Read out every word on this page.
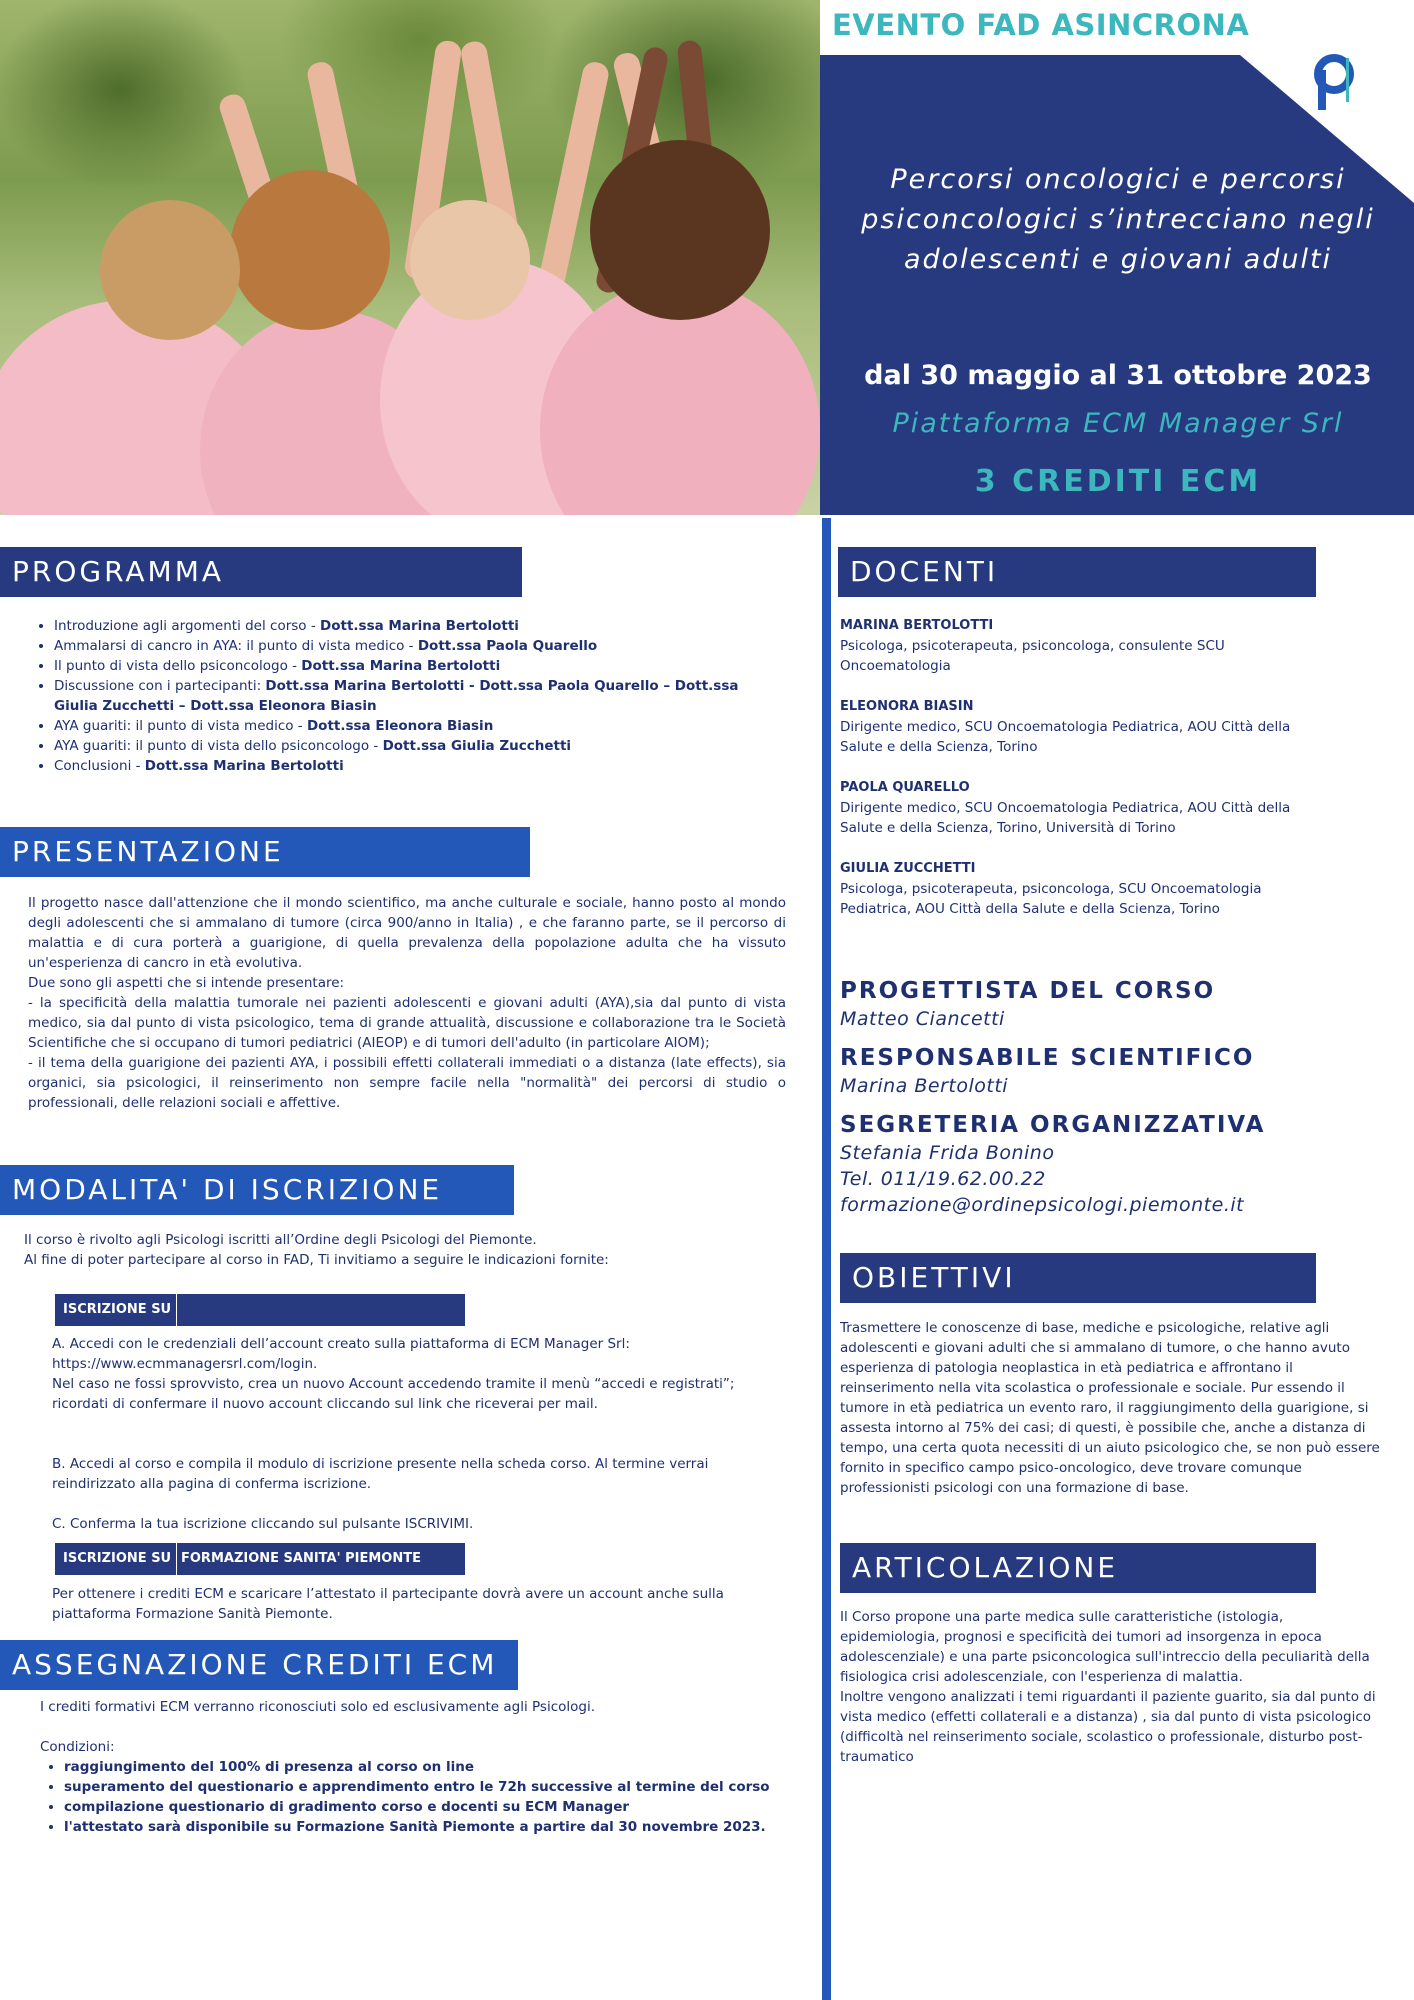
EVENTO FAD ASINCRONA
Percorsi oncologici e percorsi psiconcologici s’intrecciano negli adolescenti e giovani adulti
dal 30 maggio al 31 ottobre 2023
Piattaforma ECM Manager Srl
3 CREDITI ECM
PROGRAMMA
• Introduzione agli argomenti del corso - Dott.ssa Marina Bertolotti
• Ammalarsi di cancro in AYA: il punto di vista medico - Dott.ssa Paola Quarello
• Il punto di vista dello psiconcologo - Dott.ssa Marina Bertolotti
• Discussione con i partecipanti: Dott.ssa Marina Bertolotti - Dott.ssa Paola Quarello – Dott.ssa Giulia Zucchetti – Dott.ssa Eleonora Biasin
• AYA guariti: il punto di vista medico - Dott.ssa Eleonora Biasin
• AYA guariti: il punto di vista dello psiconcologo - Dott.ssa Giulia Zucchetti
• Conclusioni - Dott.ssa Marina Bertolotti
PRESENTAZIONE

Il progetto nasce dall'attenzione che il mondo scientifico, ma anche culturale e sociale, hanno posto al mondo degli adolescenti che si ammalano di tumore (circa 900/anno in Italia) , e che faranno parte, se il percorso di malattia e di cura porterà a guarigione, di quella prevalenza della popolazione adulta che ha vissuto un'esperienza di cancro in età evolutiva.

Due sono gli aspetti che si intende presentare:

- la specificità della malattia tumorale nei pazienti adolescenti e giovani adulti (AYA),sia dal punto di vista medico, sia dal punto di vista psicologico, tema di grande attualità, discussione e collaborazione tra le Società Scientifiche che si occupano di tumori pediatrici (AIEOP) e di tumori dell'adulto (in particolare AIOM);

- il tema della guarigione dei pazienti AYA, i possibili effetti collaterali immediati o a distanza (late effects), sia organici, sia psicologici, il reinserimento non sempre facile nella "normalità" dei percorsi di studio o professionali, delle relazioni sociali e affettive.

MODALITA' DI ISCRIZIONE

Il corso è rivolto agli Psicologi iscritti all’Ordine degli Psicologi del Piemonte.

Al fine di poter partecipare al corso in FAD, Ti invitiamo a seguire le indicazioni fornite:

ISCRIZIONE SU

A. Accedi con le credenziali dell’account creato sulla piattaforma di ECM Manager Srl:

https://www.ecmmanagersrl.com/login.

Nel caso ne fossi sprovvisto, crea un nuovo Account accedendo tramite il menù “accedi e registrati”;

ricordati di confermare il nuovo account cliccando sul link che riceverai per mail.

B. Accedi al corso e compila il modulo di iscrizione presente nella scheda corso. Al termine verrai reindirizzato alla pagina di conferma iscrizione.
C. Conferma la tua iscrizione cliccando sul pulsante ISCRIVIMI.
ISCRIZIONE SU FORMAZIONE SANITA' PIEMONTE
Per ottenere i crediti ECM e scaricare l’attestato il partecipante dovrà avere un account anche sulla piattaforma Formazione Sanità Piemonte.
ASSEGNAZIONE CREDITI ECM
I crediti formativi ECM verranno riconosciuti solo ed esclusivamente agli Psicologi.
Condizioni:
• raggiungimento del 100% di presenza al corso on line
• superamento del questionario e apprendimento entro le 72h successive al termine del corso
• compilazione questionario di gradimento corso e docenti su ECM Manager
• l'attestato sarà disponibile su Formazione Sanità Piemonte a partire dal 30 novembre 2023.
DOCENTI
MARINA BERTOLOTTI
Psicologa, psicoterapeuta, psiconcologa, consulente SCU Oncoematologia
ELEONORA BIASIN
Dirigente medico, SCU Oncoematologia Pediatrica, AOU Città della Salute e della Scienza, Torino
PAOLA QUARELLO
Dirigente medico, SCU Oncoematologia Pediatrica, AOU Città della Salute e della Scienza, Torino, Università di Torino
GIULIA ZUCCHETTI
Psicologa, psicoterapeuta, psiconcologa, SCU Oncoematologia Pediatrica, AOU Città della Salute e della Scienza, Torino
PROGETTISTA DEL CORSO
Matteo Ciancetti
RESPONSABILE SCIENTIFICO
Marina Bertolotti
SEGRETERIA ORGANIZZATIVA
Stefania Frida Bonino
Tel. 011/19.62.00.22
formazione@ordinepsicologi.piemonte.it
OBIETTIVI
Trasmettere le conoscenze di base, mediche e psicologiche, relative agli adolescenti e giovani adulti che si ammalano di tumore, o che hanno avuto esperienza di patologia neoplastica in età pediatrica e affrontano il reinserimento nella vita scolastica o professionale e sociale. Pur essendo il tumore in età pediatrica un evento raro, il raggiungimento della guarigione, si assesta intorno al 75% dei casi; di questi, è possibile che, anche a distanza di tempo, una certa quota necessiti di un aiuto psicologico che, se non può essere fornito in specifico campo psico-oncologico, deve trovare comunque professionisti psicologi con una formazione di base.
ARTICOLAZIONE

Il Corso propone una parte medica sulle caratteristiche (istologia, epidemiologia, prognosi e specificità dei tumori ad insorgenza in epoca adolescenziale) e una parte psiconcologica sull'intreccio della peculiarità della fisiologica crisi adolescenziale, con l'esperienza di malattia.

Inoltre vengono analizzati i temi riguardanti il paziente guarito, sia dal punto di vista medico (effetti collaterali e a distanza) , sia dal punto di vista psicologico (difficoltà nel reinserimento sociale, scolastico o professionale, disturbo post-traumatico
